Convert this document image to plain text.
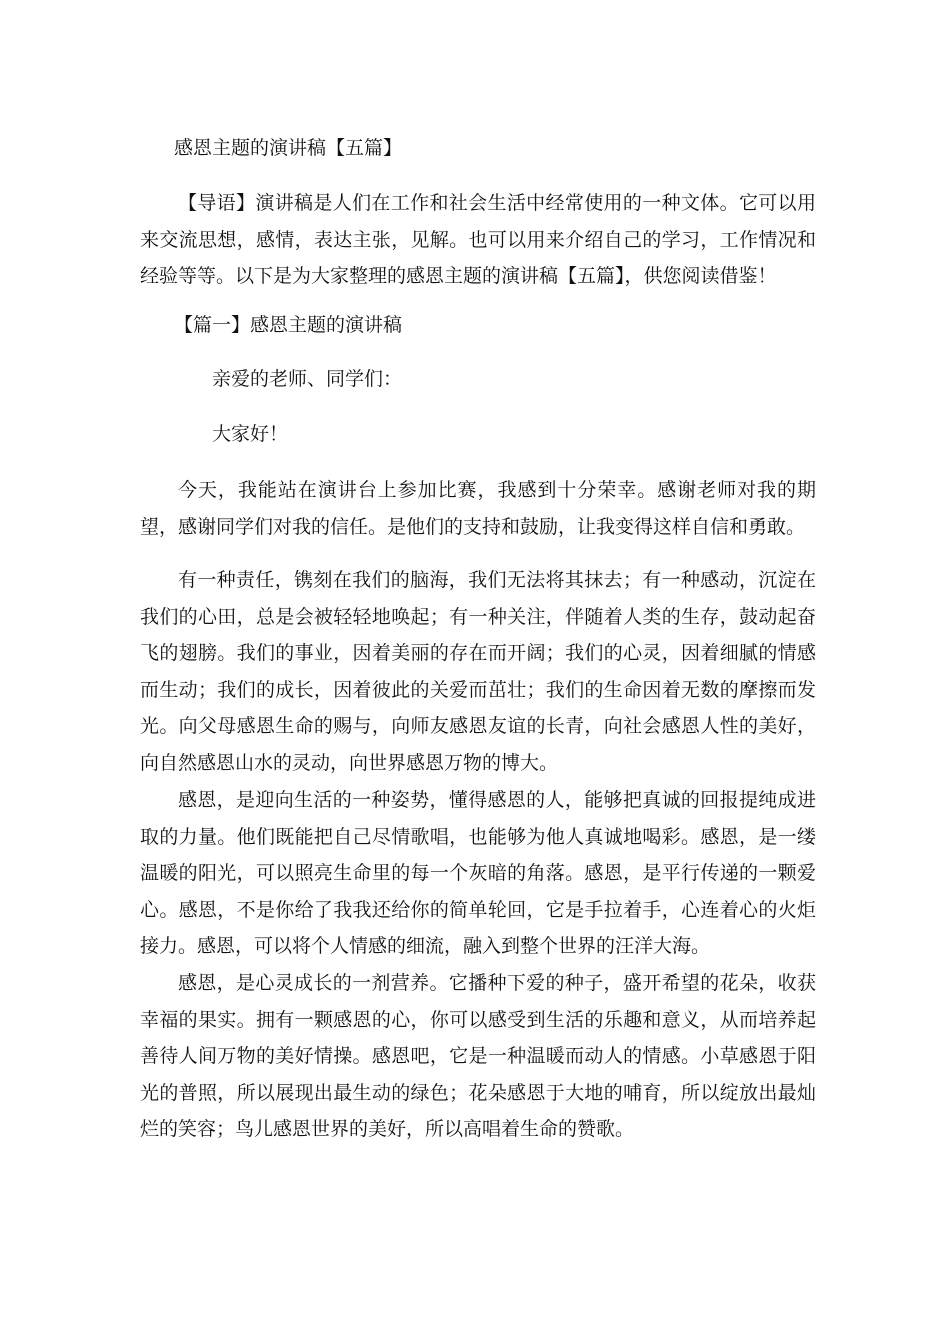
感恩主题的演讲稿【五篇】

【导语】演讲稿是人们在工作和社会生活中经常使用的一种文体。它可以用来交流思想，感情，表达主张，见解。也可以用来介绍自己的学习，工作情况和经验等等。以下是为大家整理的感恩主题的演讲稿【五篇】，供您阅读借鉴！

【篇一】感恩主题的演讲稿

亲爱的老师、同学们：

大家好！

今天，我能站在演讲台上参加比赛，我感到十分荣幸。感谢老师对我的期望，感谢同学们对我的信任。是他们的支持和鼓励，让我变得这样自信和勇敢。

有一种责任，镌刻在我们的脑海，我们无法将其抹去；有一种感动，沉淀在我们的心田，总是会被轻轻地唤起；有一种关注，伴随着人类的生存，鼓动起奋飞的翅膀。我们的事业，因着美丽的存在而开阔；我们的心灵，因着细腻的情感而生动；我们的成长，因着彼此的关爱而茁壮；我们的生命因着无数的摩擦而发光。向父母感恩生命的赐与，向师友感恩友谊的长青，向社会感恩人性的美好，向自然感恩山水的灵动，向世界感恩万物的博大。

感恩，是迎向生活的一种姿势，懂得感恩的人，能够把真诚的回报提纯成进取的力量。他们既能把自己尽情歌唱，也能够为他人真诚地喝彩。感恩，是一缕温暖的阳光，可以照亮生命里的每一个灰暗的角落。感恩，是平行传递的一颗爱心。感恩，不是你给了我我还给你的简单轮回，它是手拉着手，心连着心的火炬接力。感恩，可以将个人情感的细流，融入到整个世界的汪洋大海。

感恩，是心灵成长的一剂营养。它播种下爱的种子，盛开希望的花朵，收获幸福的果实。拥有一颗感恩的心，你可以感受到生活的乐趣和意义，从而培养起善待人间万物的美好情操。感恩吧，它是一种温暖而动人的情感。小草感恩于阳光的普照，所以展现出最生动的绿色；花朵感恩于大地的哺育，所以绽放出最灿烂的笑容；鸟儿感恩世界的美好，所以高唱着生命的赞歌。
